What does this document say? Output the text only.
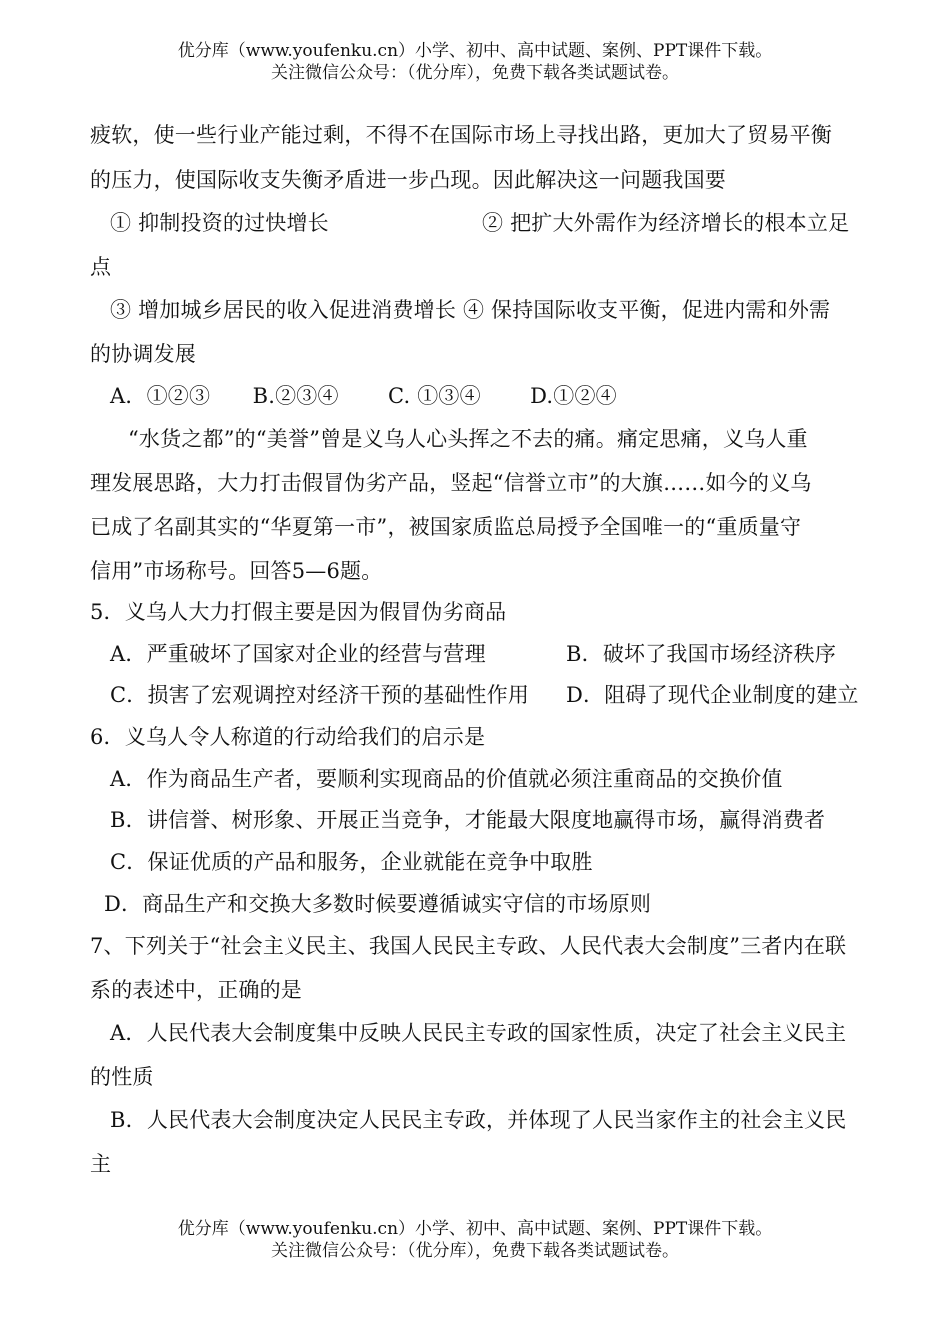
优分库（www.youfenku.cn）小学、初中、高中试题、案例、PPT课件下载。
关注微信公众号：（优分库），免费下载各类试题试卷。
疲软，使一些行业产能过剩，不得不在国际市场上寻找出路，更加大了贸易平衡
的压力，使国际收支失衡矛盾进一步凸现。因此解决这一问题我国要
① 抑制投资的过快增长	② 把扩大外需作为经济增长的根本立足
点
③ 增加城乡居民的收入促进消费增长 ④ 保持国际收支平衡，促进内需和外需
的协调发展
A．①②③　　B.②③④　　 C. ①③④　　 D.①②④
“水货之都”的“美誉”曾是义乌人心头挥之不去的痛。痛定思痛，义乌人重
理发展思路，大力打击假冒伪劣产品，竖起“信誉立市”的大旗……如今的义乌
已成了名副其实的“华夏第一市”，被国家质监总局授予全国唯一的“重质量守
信用”市场称号。回答5—6题。
5．义乌人大力打假主要是因为假冒伪劣商品
A．严重破坏了国家对企业的经营与营理	B．破坏了我国市场经济秩序
C．损害了宏观调控对经济干预的基础性作用 D．阻碍了现代企业制度的建立
6．义乌人令人称道的行动给我们的启示是
A．作为商品生产者，要顺利实现商品的价值就必须注重商品的交换价值
B．讲信誉、树形象、开展正当竞争，才能最大限度地赢得市场，赢得消费者
C．保证优质的产品和服务，企业就能在竞争中取胜
D．商品生产和交换大多数时候要遵循诚实守信的市场原则
7、下列关于“社会主义民主、我国人民民主专政、人民代表大会制度”三者内在联
系的表述中，正确的是
A．人民代表大会制度集中反映人民民主专政的国家性质，决定了社会主义民主
的性质
B．人民代表大会制度决定人民民主专政，并体现了人民当家作主的社会主义民
主
优分库（www.youfenku.cn）小学、初中、高中试题、案例、PPT课件下载。
关注微信公众号：（优分库），免费下载各类试题试卷。
